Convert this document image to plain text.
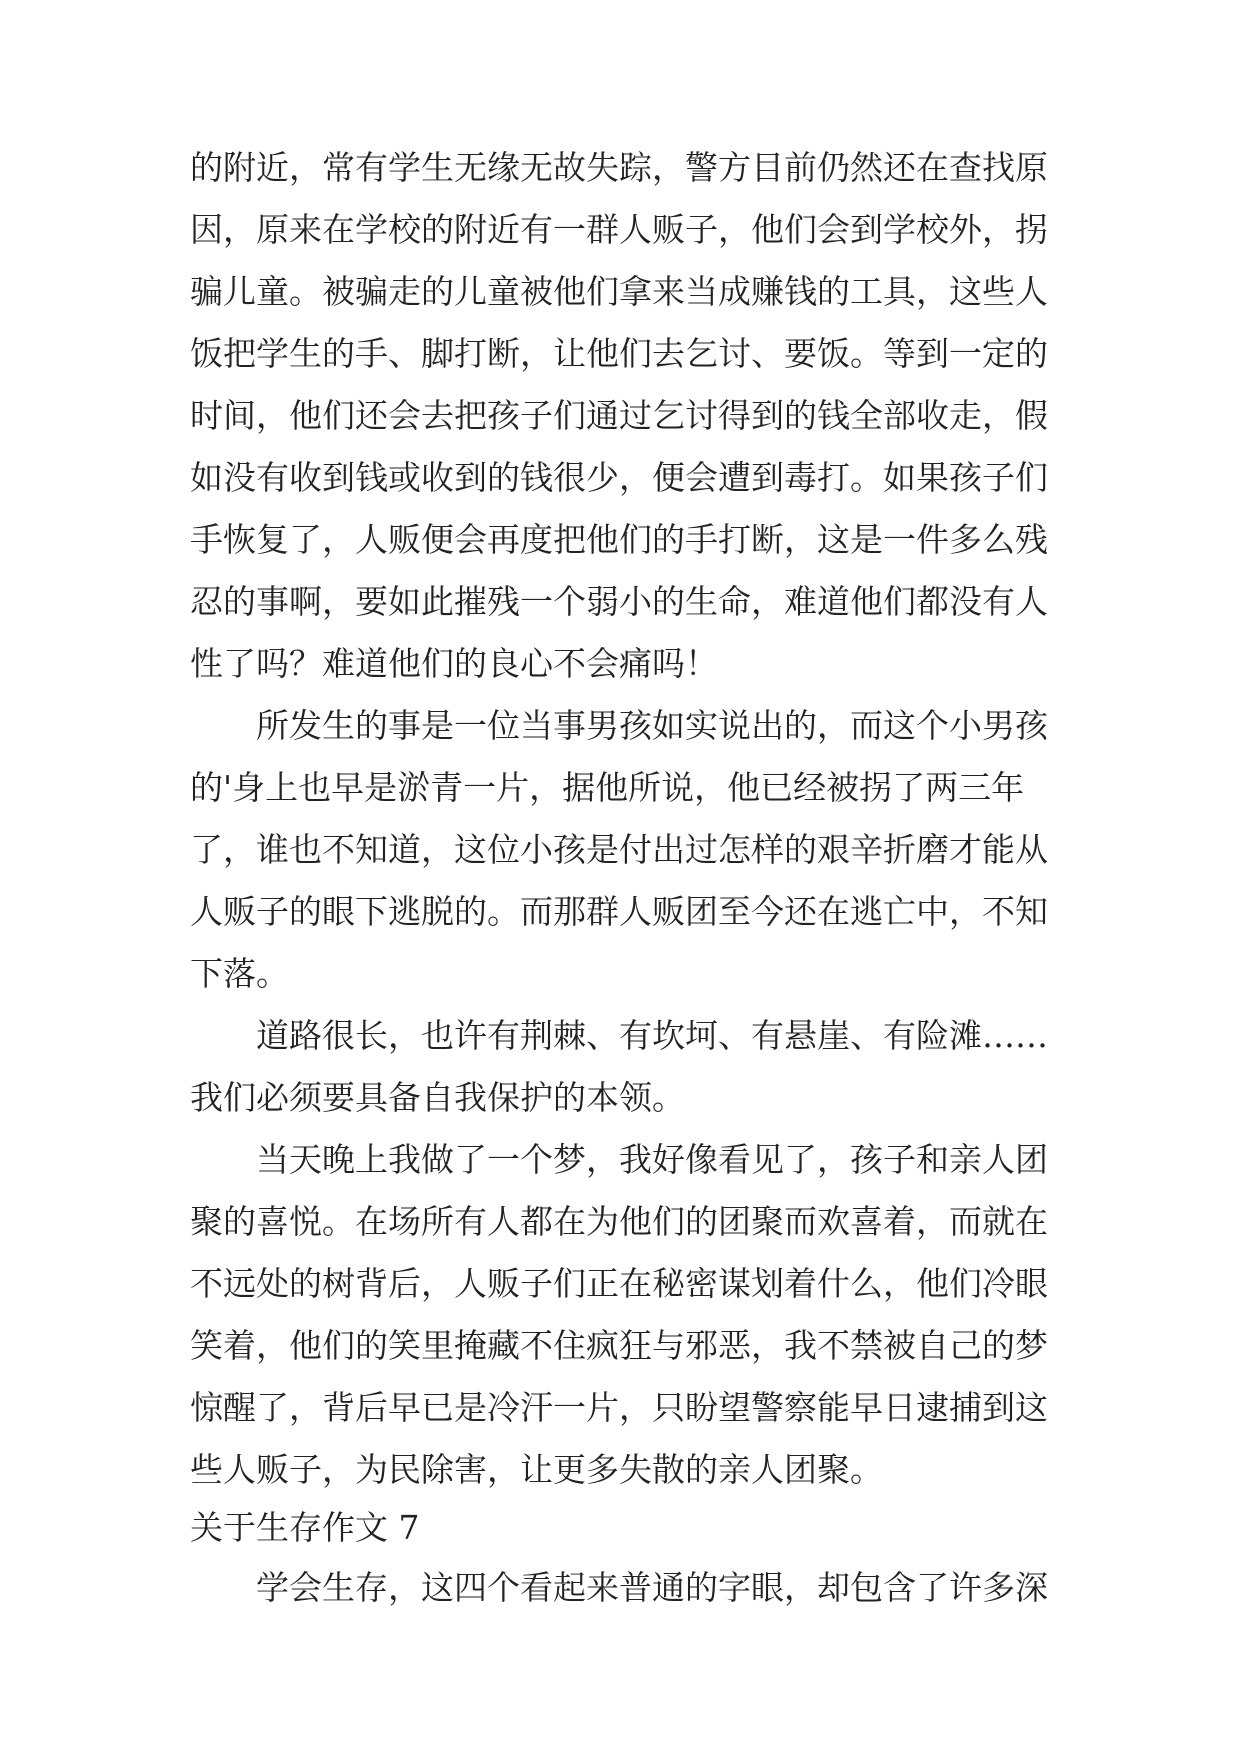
的附近，常有学生无缘无故失踪，警方目前仍然还在查找原
因，原来在学校的附近有一群人贩子，他们会到学校外，拐
骗儿童。被骗走的儿童被他们拿来当成赚钱的工具，这些人
饭把学生的手、脚打断，让他们去乞讨、要饭。等到一定的
时间，他们还会去把孩子们通过乞讨得到的钱全部收走，假
如没有收到钱或收到的钱很少，便会遭到毒打。如果孩子们
手恢复了，人贩便会再度把他们的手打断，这是一件多么残
忍的事啊，要如此摧残一个弱小的生命，难道他们都没有人
性了吗？难道他们的良心不会痛吗！
所发生的事是一位当事男孩如实说出的，而这个小男孩
的'身上也早是淤青一片，据他所说，他已经被拐了两三年
了，谁也不知道，这位小孩是付出过怎样的艰辛折磨才能从
人贩子的眼下逃脱的。而那群人贩团至今还在逃亡中，不知
下落。
道路很长，也许有荆棘、有坎坷、有悬崖、有险滩……
我们必须要具备自我保护的本领。
当天晚上我做了一个梦，我好像看见了，孩子和亲人团
聚的喜悦。在场所有人都在为他们的团聚而欢喜着，而就在
不远处的树背后，人贩子们正在秘密谋划着什么，他们冷眼
笑着，他们的笑里掩藏不住疯狂与邪恶，我不禁被自己的梦
惊醒了，背后早已是冷汗一片，只盼望警察能早日逮捕到这
些人贩子，为民除害，让更多失散的亲人团聚。
关于生存作文 7
学会生存，这四个看起来普通的字眼，却包含了许多深
